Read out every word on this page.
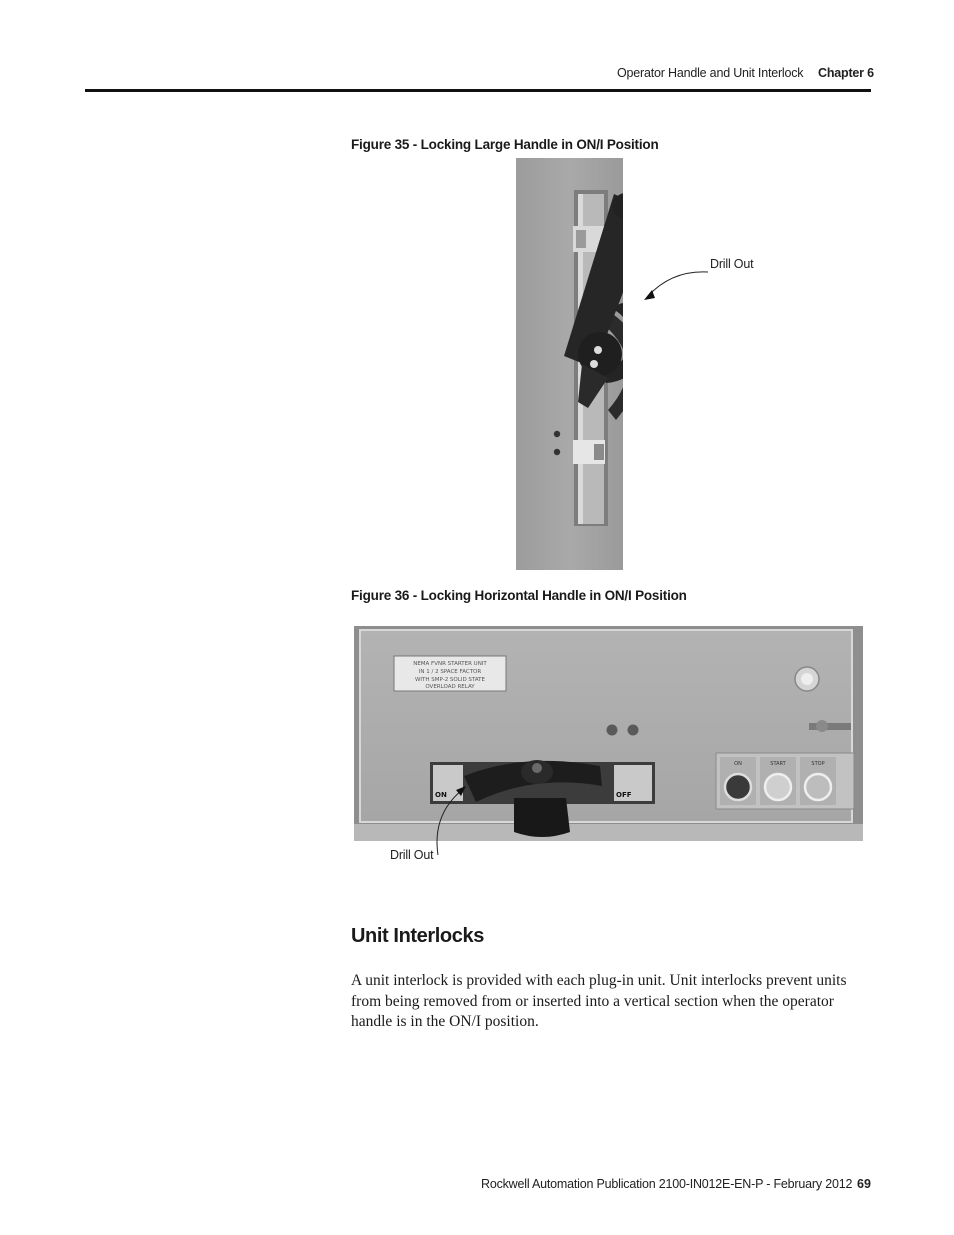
Operator Handle and Unit Interlock Chapter 6
Figure 35 - Locking Large Handle in ON/I Position
Drill Out
Figure 36 - Locking Horizontal Handle in ON/I Position
NEMA FVNR STARTER UNIT
IN 1 / 2 SPACE FACTOR
WITH SMP-2 SOLID STATE
OVERLOAD RELAY
ON	OFF
ON	START	STOP
Drill Out
Unit Interlocks

A unit interlock is provided with each plug-in unit. Unit interlocks prevent units from being removed from or inserted into a vertical section when the operator handle is in the ON/I position.

Rockwell Automation Publication 2100-IN012E-EN-P - February 2012 69
